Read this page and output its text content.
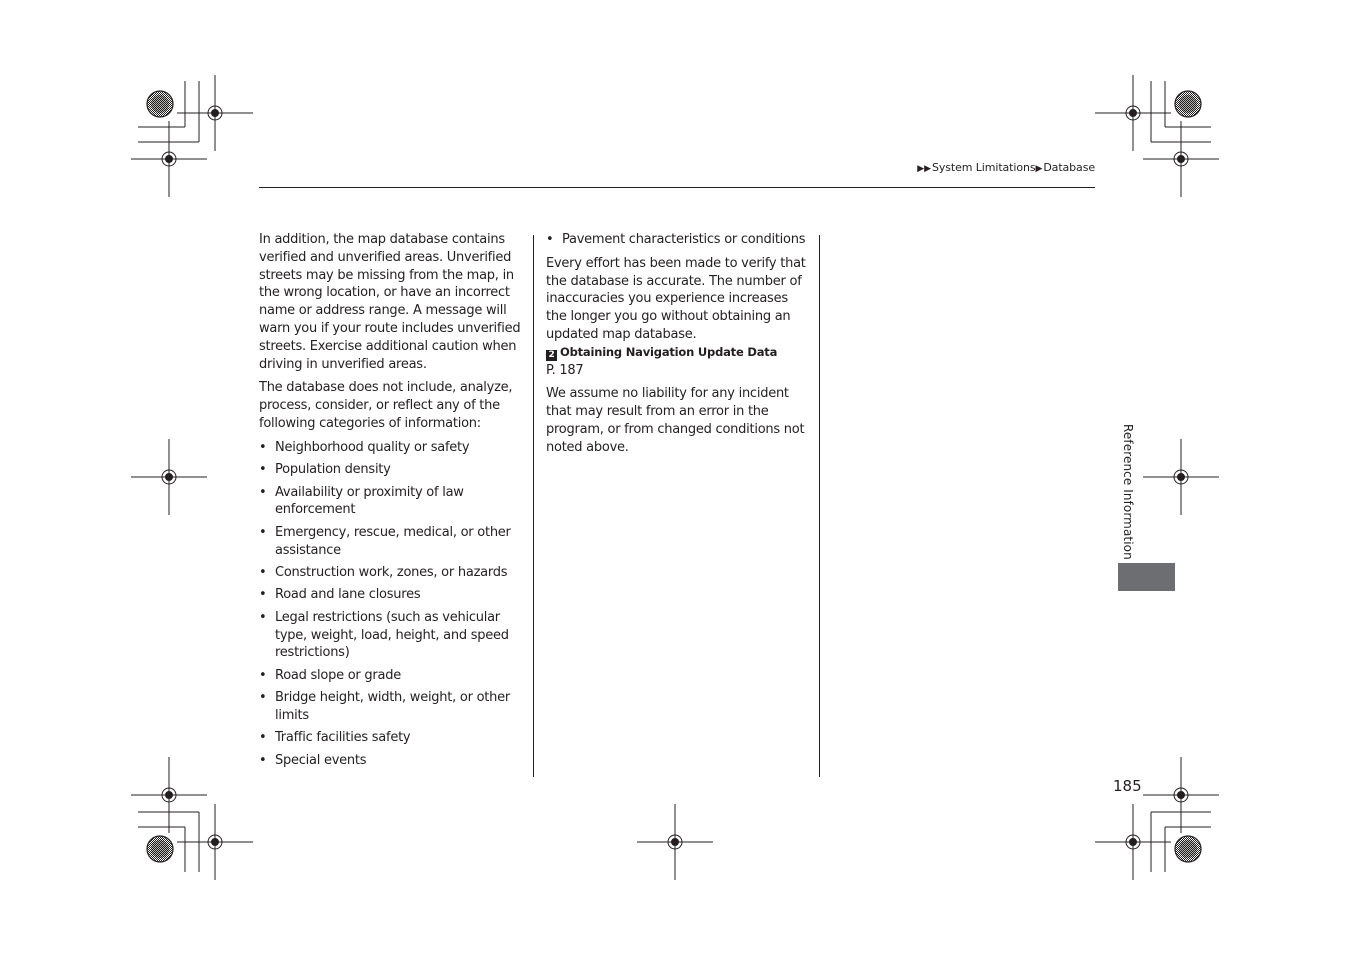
▶▶System Limitations▶Database

In addition, the map database contains verified and unverified areas. Unverified streets may be missing from the map, in the wrong location, or have an incorrect name or address range. A message will warn you if your route includes unverified streets. Exercise additional caution when driving in unverified areas.

The database does not include, analyze, process, consider, or reflect any of the following categories of information:

• Neighborhood quality or safety
• Population density
• Availability or proximity of law enforcement
• Emergency, rescue, medical, or other assistance
• Construction work, zones, or hazards
• Road and lane closures
• Legal restrictions (such as vehicular type, weight, load, height, and speed restrictions)
• Road slope or grade
• Bridge height, width, weight, or other limits
• Traffic facilities safety
• Special events
• Pavement characteristics or conditions

Every effort has been made to verify that the database is accurate. The number of inaccuracies you experience increases the longer you go without obtaining an updated map database.

2 Obtaining Navigation Update Data

P. 187

We assume no liability for any incident that may result from an error in the program, or from changed conditions not noted above.	Reference Information
185
